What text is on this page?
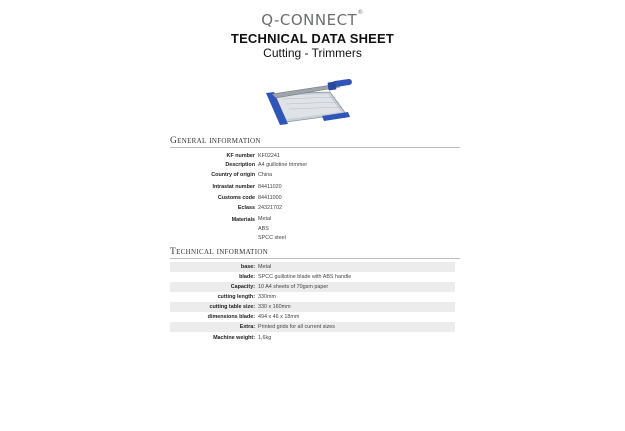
Q-CONNECT®
TECHNICAL DATA SHEET
Cutting - Trimmers
General information
KF number KF02241
Description A4 guillotine trimmer
Country of origin China
Intrastat number 84411020
Customs code 84411000
Eclass 24321702
Materials Metal
ABS
SPCC steel
Technical information
base: Metal
blade: SPCC guillotine blade with ABS handle
Capacity: 10 A4 sheets of 70gsm paper
cutting length: 330mm
cutting table size: 330 x 160mm
dimensions blade: 494 x 46 x 18mm
Extra: Printed grids for all current sizes
Machine weight: 1,6kg
